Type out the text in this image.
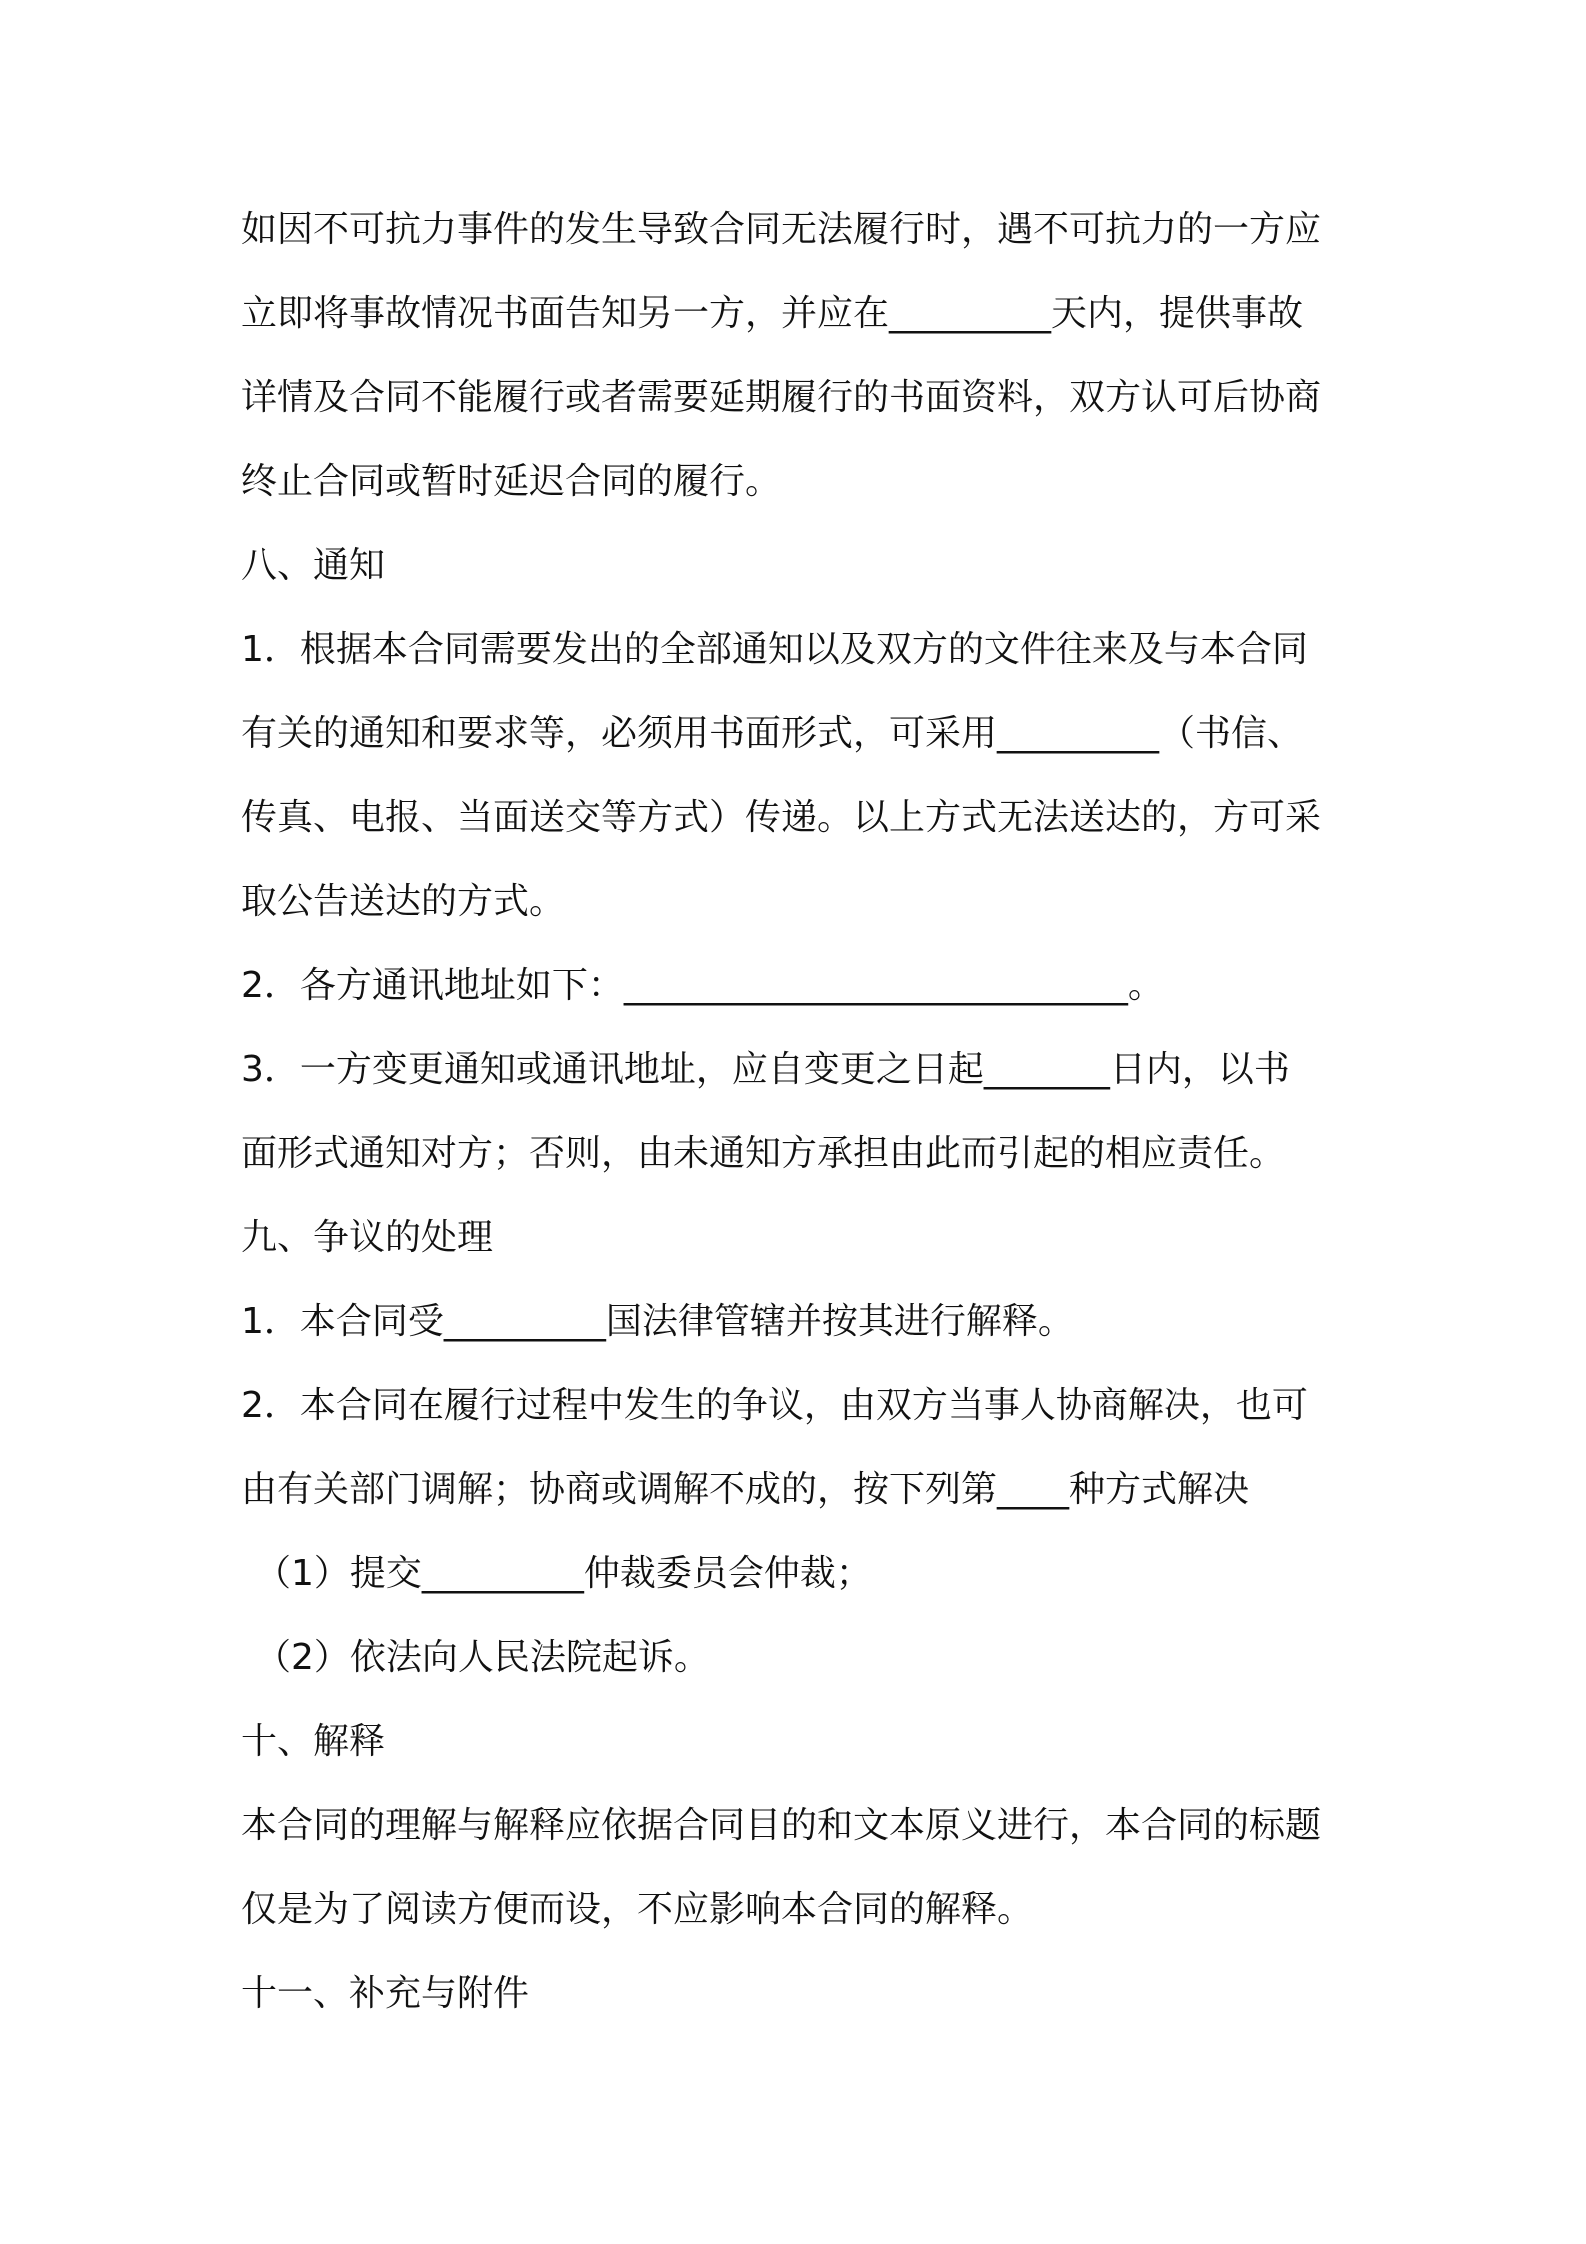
如因不可抗力事件的发生导致合同无法履行时，遇不可抗力的一方应
立即将事故情况书面告知另一方，并应在_________天内，提供事故
详情及合同不能履行或者需要延期履行的书面资料，双方认可后协商
终止合同或暂时延迟合同的履行。
八、通知
1．根据本合同需要发出的全部通知以及双方的文件往来及与本合同
有关的通知和要求等，必须用书面形式，可采用_________（书信、
传真、电报、当面送交等方式）传递。以上方式无法送达的，方可采
取公告送达的方式。
2．各方通讯地址如下：____________________________。
3．一方变更通知或通讯地址，应自变更之日起_______日内，以书
面形式通知对方；否则，由未通知方承担由此而引起的相应责任。
九、争议的处理
1．本合同受_________国法律管辖并按其进行解释。
2．本合同在履行过程中发生的争议，由双方当事人协商解决，也可
由有关部门调解；协商或调解不成的，按下列第____种方式解决
（1）提交_________仲裁委员会仲裁；
（2）依法向人民法院起诉。
十、解释
本合同的理解与解释应依据合同目的和文本原义进行，本合同的标题
仅是为了阅读方便而设，不应影响本合同的解释。
十一、补充与附件
